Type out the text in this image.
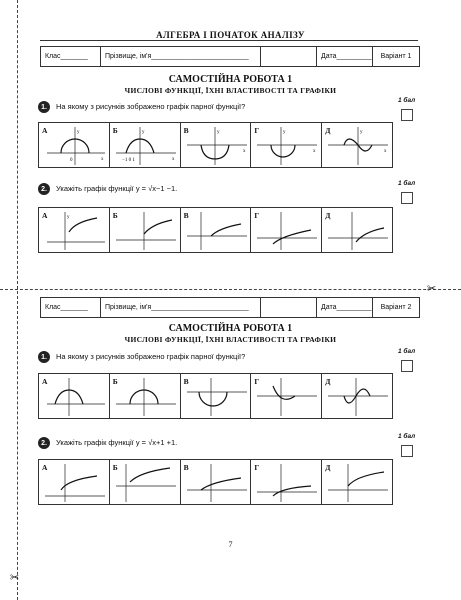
АЛГЕБРА І ПОЧАТОК АНАЛІЗУ
Клас_______	Прізвище, ім'я_________________________	Дата_________	Варіант 1
САМОСТІЙНА РОБОТА 1
ЧИСЛОВІ ФУНКЦІЇ, ЇХНІ ВЛАСТИВОСТІ ТА ГРАФІКИ
1.	На якому з рисунків зображено графік парної функції?
1 бал
А	y
x
0
Б	y
x
−1 0 1
В	y
x
Г	y
x
Д	y
x
2.	Укажіть графік функції y = √x−1 −1.
1 бал
А	y	Б	В	Г	Д
✂
Клас_______	Прізвище, ім'я_________________________	Дата_________	Варіант 2
САМОСТІЙНА РОБОТА 1
ЧИСЛОВІ ФУНКЦІЇ, ЇХНІ ВЛАСТИВОСТІ ТА ГРАФІКИ
1.	На якому з рисунків зображено графік парної функції?
1 бал
А	Б	В	Г	Д
2.	Укажіть графік функції y = √x+1 +1.
1 бал
А	Б	В	Г	Д
7
✂
